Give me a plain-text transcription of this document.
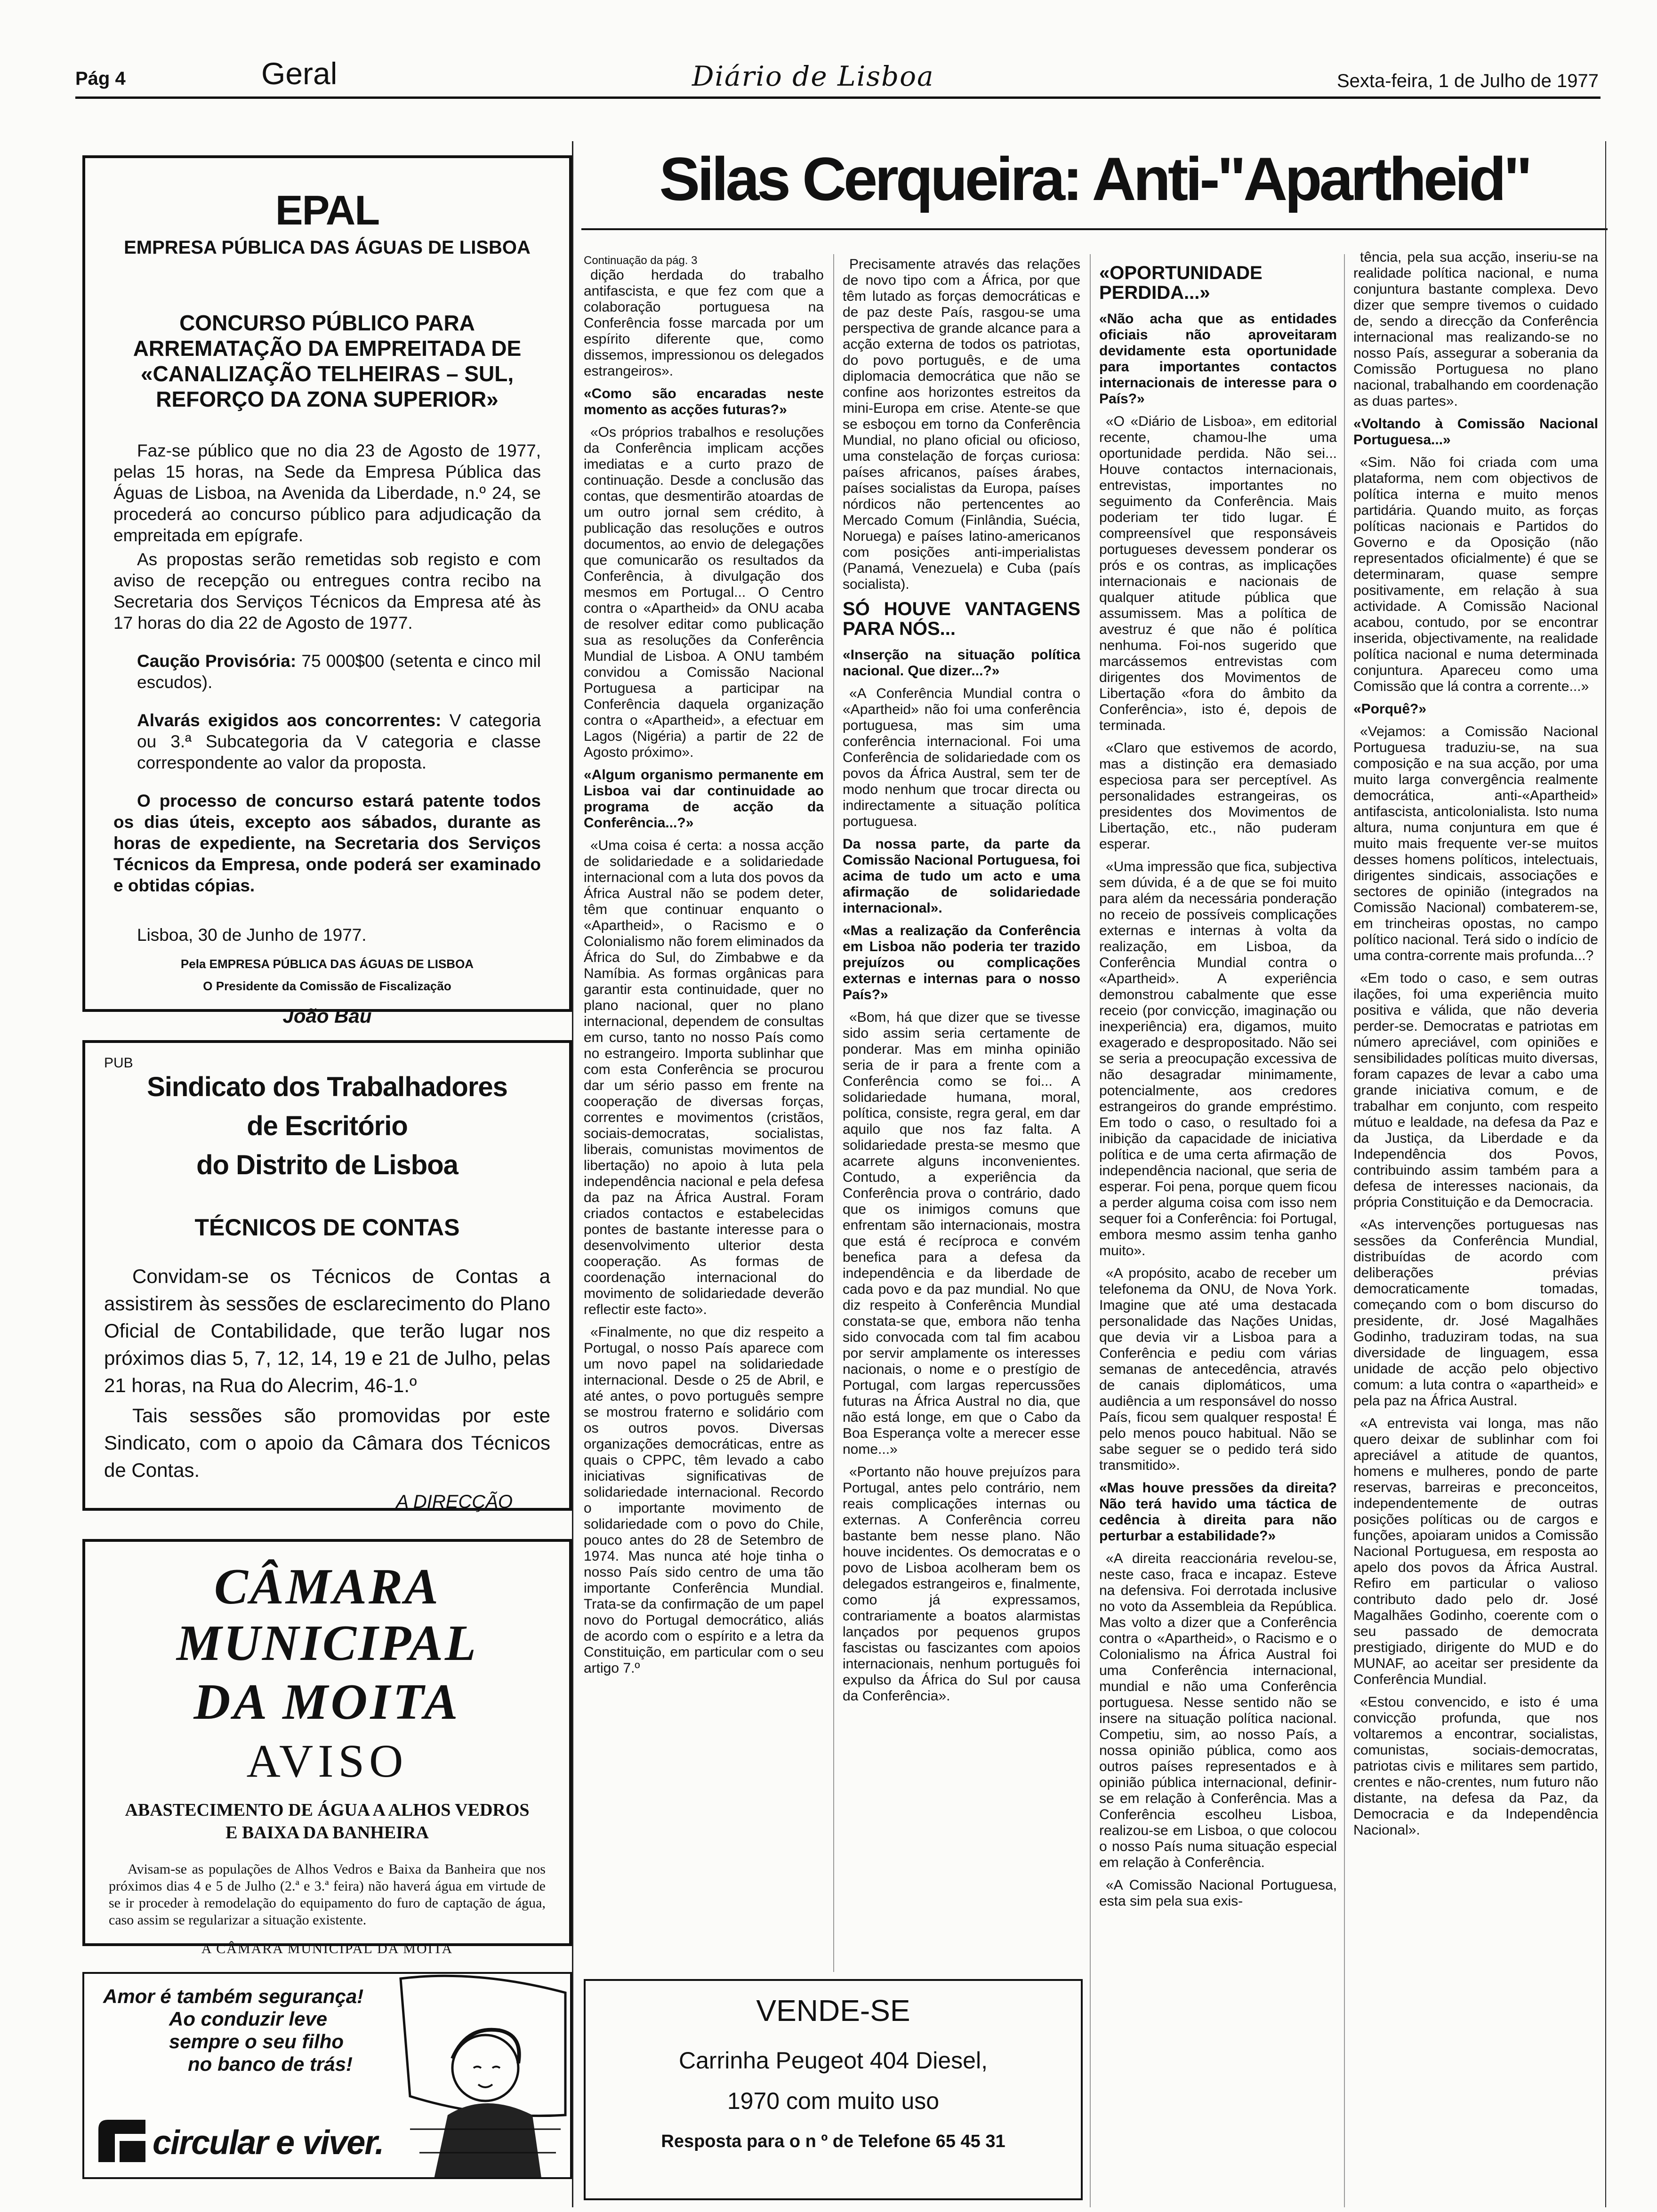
Pág 4	Geral	Diário de Lisboa	Sexta-feira, 1 de Julho de 1977
EPAL
EMPRESA PÚBLICA DAS ÁGUAS DE LISBOA
CONCURSO PÚBLICO PARA ARREMATAÇÃO DA EMPREITADA DE «CANALIZAÇÃO TELHEIRAS – SUL, REFORÇO DA ZONA SUPERIOR»

Faz-se público que no dia 23 de Agosto de 1977, pelas 15 horas, na Sede da Empresa Pública das Águas de Lisboa, na Avenida da Liberdade, n.º 24, se procederá ao concurso público para adjudicação da empreitada em epígrafe.

As propostas serão remetidas sob registo e com aviso de recepção ou entregues contra recibo na Secretaria dos Serviços Técnicos da Empresa até às 17 horas do dia 22 de Agosto de 1977.

Caução Provisória: 75 000$00 (setenta e cinco mil escudos).

Alvarás exigidos aos concorrentes: V categoria ou 3.ª Subcategoria da V categoria e classe correspondente ao valor da proposta.

O processo de concurso estará patente todos os dias úteis, excepto aos sábados, durante as horas de expediente, na Secretaria dos Serviços Técnicos da Empresa, onde poderá ser examinado e obtidas cópias.

Lisboa, 30 de Junho de 1977.

Pela EMPRESA PÚBLICA DAS ÁGUAS DE LISBOA
O Presidente da Comissão de Fiscalização
João Bau
PUB
Sindicato dos Trabalhadores
de Escritório
do Distrito de Lisboa
TÉCNICOS DE CONTAS

Convidam-se os Técnicos de Contas a assistirem às sessões de esclarecimento do Plano Oficial de Contabilidade, que terão lugar nos próximos dias 5, 7, 12, 14, 19 e 21 de Julho, pelas 21 horas, na Rua do Alecrim, 46-1.º

Tais sessões são promovidas por este Sindicato, com o apoio da Câmara dos Técnicos de Contas.

A DIRECÇÃO
CÂMARA MUNICIPAL
DA MOITA
AVISO
ABASTECIMENTO DE ÁGUA A ALHOS VEDROS E BAIXA DA BANHEIRA

Avisam-se as populações de Alhos Vedros e Baixa da Banheira que nos próximos dias 4 e 5 de Julho (2.ª e 3.ª feira) não haverá água em virtude de se ir proceder à remodelação do equipamento do furo de captação de água, caso assim se regularizar a situação existente.

A CÂMARA MUNICIPAL DA MOITA
Amor é também segurança!
Ao conduzir leve
sempre o seu filho
no banco de trás!
circular e viver.
Silas Cerqueira: Anti-"Apartheid"
Continuação da pág. 3

dição herdada do trabalho antifascista, e que fez com que a colaboração portuguesa na Conferência fosse marcada por um espírito diferente que, como dissemos, impressionou os delegados estrangeiros».

«Como são encaradas neste momento as acções futuras?»

«Os próprios trabalhos e resoluções da Conferência implicam acções imediatas e a curto prazo de continuação. Desde a conclusão das contas, que desmentirão atoardas de um outro jornal sem crédito, à publicação das resoluções e outros documentos, ao envio de delegações que comunicarão os resultados da Conferência, à divulgação dos mesmos em Portugal... O Centro contra o «Apartheid» da ONU acaba de resolver editar como publicação sua as resoluções da Conferência Mundial de Lisboa. A ONU também convidou a Comissão Nacional Portuguesa a participar na Conferência daquela organização contra o «Apartheid», a efectuar em Lagos (Nigéria) a partir de 22 de Agosto próximo».

«Algum organismo permanente em Lisboa vai dar continuidade ao programa de acção da Conferência...?»

«Uma coisa é certa: a nossa acção de solidariedade e a solidariedade internacional com a luta dos povos da África Austral não se podem deter, têm que continuar enquanto o «Apartheid», o Racismo e o Colonialismo não forem eliminados da África do Sul, do Zimbabwe e da Namíbia. As formas orgânicas para garantir esta continuidade, quer no plano nacional, quer no plano internacional, dependem de consultas em curso, tanto no nosso País como no estrangeiro. Importa sublinhar que com esta Conferência se procurou dar um sério passo em frente na cooperação de diversas forças, correntes e movimentos (cristãos, sociais-democratas, socialistas, liberais, comunistas movimentos de libertação) no apoio à luta pela independência nacional e pela defesa da paz na África Austral. Foram criados contactos e estabelecidas pontes de bastante interesse para o desenvolvimento ulterior desta cooperação. As formas de coordenação internacional do movimento de solidariedade deverão reflectir este facto».

«Finalmente, no que diz respeito a Portugal, o nosso País aparece com um novo papel na solidariedade internacional. Desde o 25 de Abril, e até antes, o povo português sempre se mostrou fraterno e solidário com os outros povos. Diversas organizações democráticas, entre as quais o CPPC, têm levado a cabo iniciativas significativas de solidariedade internacional. Recordo o importante movimento de solidariedade com o povo do Chile, pouco antes do 28 de Setembro de 1974. Mas nunca até hoje tinha o nosso País sido centro de uma tão importante Conferência Mundial. Trata-se da confirmação de um papel novo do Portugal democrático, aliás de acordo com o espírito e a letra da Constituição, em particular com o seu artigo 7.º

Precisamente através das relações de novo tipo com a África, por que têm lutado as forças democráticas e de paz deste País, rasgou-se uma perspectiva de grande alcance para a acção externa de todos os patriotas, do povo português, e de uma diplomacia democrática que não se confine aos horizontes estreitos da mini-Europa em crise. Atente-se que se esboçou em torno da Conferência Mundial, no plano oficial ou oficioso, uma constelação de forças curiosa: países africanos, países árabes, países socialistas da Europa, países nórdicos não pertencentes ao Mercado Comum (Finlândia, Suécia, Noruega) e países latino-americanos com posições anti-imperialistas (Panamá, Venezuela) e Cuba (país socialista).

SÓ HOUVE VANTAGENS PARA NÓS...

«Inserção na situação política nacional. Que dizer...?»

«A Conferência Mundial contra o «Apartheid» não foi uma conferência portuguesa, mas sim uma conferência internacional. Foi uma Conferência de solidariedade com os povos da África Austral, sem ter de modo nenhum que trocar directa ou indirectamente a situação política portuguesa.

Da nossa parte, da parte da Comissão Nacional Portuguesa, foi acima de tudo um acto e uma afirmação de solidariedade internacional».

«Mas a realização da Conferência em Lisboa não poderia ter trazido prejuízos ou complicações externas e internas para o nosso País?»

«Bom, há que dizer que se tivesse sido assim seria certamente de ponderar. Mas em minha opinião seria de ir para a frente com a Conferência como se foi... A solidariedade humana, moral, política, consiste, regra geral, em dar aquilo que nos faz falta. A solidariedade presta-se mesmo que acarrete alguns inconvenientes. Contudo, a experiência da Conferência prova o contrário, dado que os inimigos comuns que enfrentam são internacionais, mostra que está é recíproca e convém benefica para a defesa da independência e da liberdade de cada povo e da paz mundial. No que diz respeito à Conferência Mundial constata-se que, embora não tenha sido convocada com tal fim acabou por servir amplamente os interesses nacionais, o nome e o prestígio de Portugal, com largas repercussões futuras na África Austral no dia, que não está longe, em que o Cabo da Boa Esperança volte a merecer esse nome...»

«Portanto não houve prejuízos para Portugal, antes pelo contrário, nem reais complicações internas ou externas. A Conferência correu bastante bem nesse plano. Não houve incidentes. Os democratas e o povo de Lisboa acolheram bem os delegados estrangeiros e, finalmente, como já expressamos, contrariamente a boatos alarmistas lançados por pequenos grupos fascistas ou fascizantes com apoios internacionais, nenhum português foi expulso da África do Sul por causa da Conferência».

«OPORTUNIDADE PERDIDA...»

«Não acha que as entidades oficiais não aproveitaram devidamente esta oportunidade para importantes contactos internacionais de interesse para o País?»

«O «Diário de Lisboa», em editorial recente, chamou-lhe uma oportunidade perdida. Não sei... Houve contactos internacionais, entrevistas, importantes no seguimento da Conferência. Mais poderiam ter tido lugar. É compreensível que responsáveis portugueses devessem ponderar os prós e os contras, as implicações internacionais e nacionais de qualquer atitude pública que assumissem. Mas a política de avestruz é que não é política nenhuma. Foi-nos sugerido que marcássemos entrevistas com dirigentes dos Movimentos de Libertação «fora do âmbito da Conferência», isto é, depois de terminada.

«Claro que estivemos de acordo, mas a distinção era demasiado especiosa para ser perceptível. As personalidades estrangeiras, os presidentes dos Movimentos de Libertação, etc., não puderam esperar.

«Uma impressão que fica, subjectiva sem dúvida, é a de que se foi muito para além da necessária ponderação no receio de possíveis complicações externas e internas à volta da realização, em Lisboa, da Conferência Mundial contra o «Apartheid». A experiência demonstrou cabalmente que esse receio (por convicção, imaginação ou inexperiência) era, digamos, muito exagerado e despropositado. Não sei se seria a preocupação excessiva de não desagradar minimamente, potencialmente, aos credores estrangeiros do grande empréstimo. Em todo o caso, o resultado foi a inibição da capacidade de iniciativa política e de uma certa afirmação de independência nacional, que seria de esperar. Foi pena, porque quem ficou a perder alguma coisa com isso nem sequer foi a Conferência: foi Portugal, embora mesmo assim tenha ganho muito».

«A propósito, acabo de receber um telefonema da ONU, de Nova York. Imagine que até uma destacada personalidade das Nações Unidas, que devia vir a Lisboa para a Conferência e pediu com várias semanas de antecedência, através de canais diplomáticos, uma audiência a um responsável do nosso País, ficou sem qualquer resposta! É pelo menos pouco habitual. Não se sabe seguer se o pedido terá sido transmitido».

«Mas houve pressões da direita? Não terá havido uma táctica de cedência à direita para não perturbar a estabilidade?»

«A direita reaccionária revelou-se, neste caso, fraca e incapaz. Esteve na defensiva. Foi derrotada inclusive no voto da Assembleia da República. Mas volto a dizer que a Conferência contra o «Apartheid», o Racismo e o Colonialismo na África Austral foi uma Conferência internacional, mundial e não uma Conferência portuguesa. Nesse sentido não se insere na situação política nacional. Competiu, sim, ao nosso País, a nossa opinião pública, como aos outros países representados e à opinião pública internacional, definir-se em relação à Conferência. Mas a Conferência escolheu Lisboa, realizou-se em Lisboa, o que colocou o nosso País numa situação especial em relação à Conferência.

«A Comissão Nacional Portuguesa, esta sim pela sua exis-

tência, pela sua acção, inseriu-se na realidade política nacional, e numa conjuntura bastante complexa. Devo dizer que sempre tivemos o cuidado de, sendo a direcção da Conferência internacional mas realizando-se no nosso País, assegurar a soberania da Comissão Portuguesa no plano nacional, trabalhando em coordenação as duas partes».

«Voltando à Comissão Nacional Portuguesa...»

«Sim. Não foi criada com uma plataforma, nem com objectivos de política interna e muito menos partidária. Quando muito, as forças políticas nacionais e Partidos do Governo e da Oposição (não representados oficialmente) é que se determinaram, quase sempre positivamente, em relação à sua actividade. A Comissão Nacional acabou, contudo, por se encontrar inserida, objectivamente, na realidade política nacional e numa determinada conjuntura. Apareceu como uma Comissão que lá contra a corrente...»

«Porquê?»

«Vejamos: a Comissão Nacional Portuguesa traduziu-se, na sua composição e na sua acção, por uma muito larga convergência realmente democrática, anti-«Apartheid» antifascista, anticolonialista. Isto numa altura, numa conjuntura em que é muito mais frequente ver-se muitos desses homens políticos, intelectuais, dirigentes sindicais, associações e sectores de opinião (integrados na Comissão Nacional) combaterem-se, em trincheiras opostas, no campo político nacional. Terá sido o indício de uma contra-corrente mais profunda...?

«Em todo o caso, e sem outras ilações, foi uma experiência muito positiva e válida, que não deveria perder-se. Democratas e patriotas em número apreciável, com opiniões e sensibilidades políticas muito diversas, foram capazes de levar a cabo uma grande iniciativa comum, e de trabalhar em conjunto, com respeito mútuo e lealdade, na defesa da Paz e da Justiça, da Liberdade e da Independência dos Povos, contribuindo assim também para a defesa de interesses nacionais, da própria Constituição e da Democracia.

«As intervenções portuguesas nas sessões da Conferência Mundial, distribuídas de acordo com deliberações prévias democraticamente tomadas, começando com o bom discurso do presidente, dr. José Magalhães Godinho, traduziram todas, na sua diversidade de linguagem, essa unidade de acção pelo objectivo comum: a luta contra o «apartheid» e pela paz na África Austral.

«A entrevista vai longa, mas não quero deixar de sublinhar com foi apreciável a atitude de quantos, homens e mulheres, pondo de parte reservas, barreiras e preconceitos, independentemente de outras posições políticas ou de cargos e funções, apoiaram unidos a Comissão Nacional Portuguesa, em resposta ao apelo dos povos da África Austral. Refiro em particular o valioso contributo dado pelo dr. José Magalhães Godinho, coerente com o seu passado de democrata prestigiado, dirigente do MUD e do MUNAF, ao aceitar ser presidente da Conferência Mundial.

«Estou convencido, e isto é uma convicção profunda, que nos voltaremos a encontrar, socialistas, comunistas, sociais-democratas, patriotas civis e militares sem partido, crentes e não-crentes, num futuro não distante, na defesa da Paz, da Democracia e da Independência Nacional».

VENDE-SE
Carrinha Peugeot 404 Diesel,
1970 com muito uso
Resposta para o n º de Telefone 65 45 31
